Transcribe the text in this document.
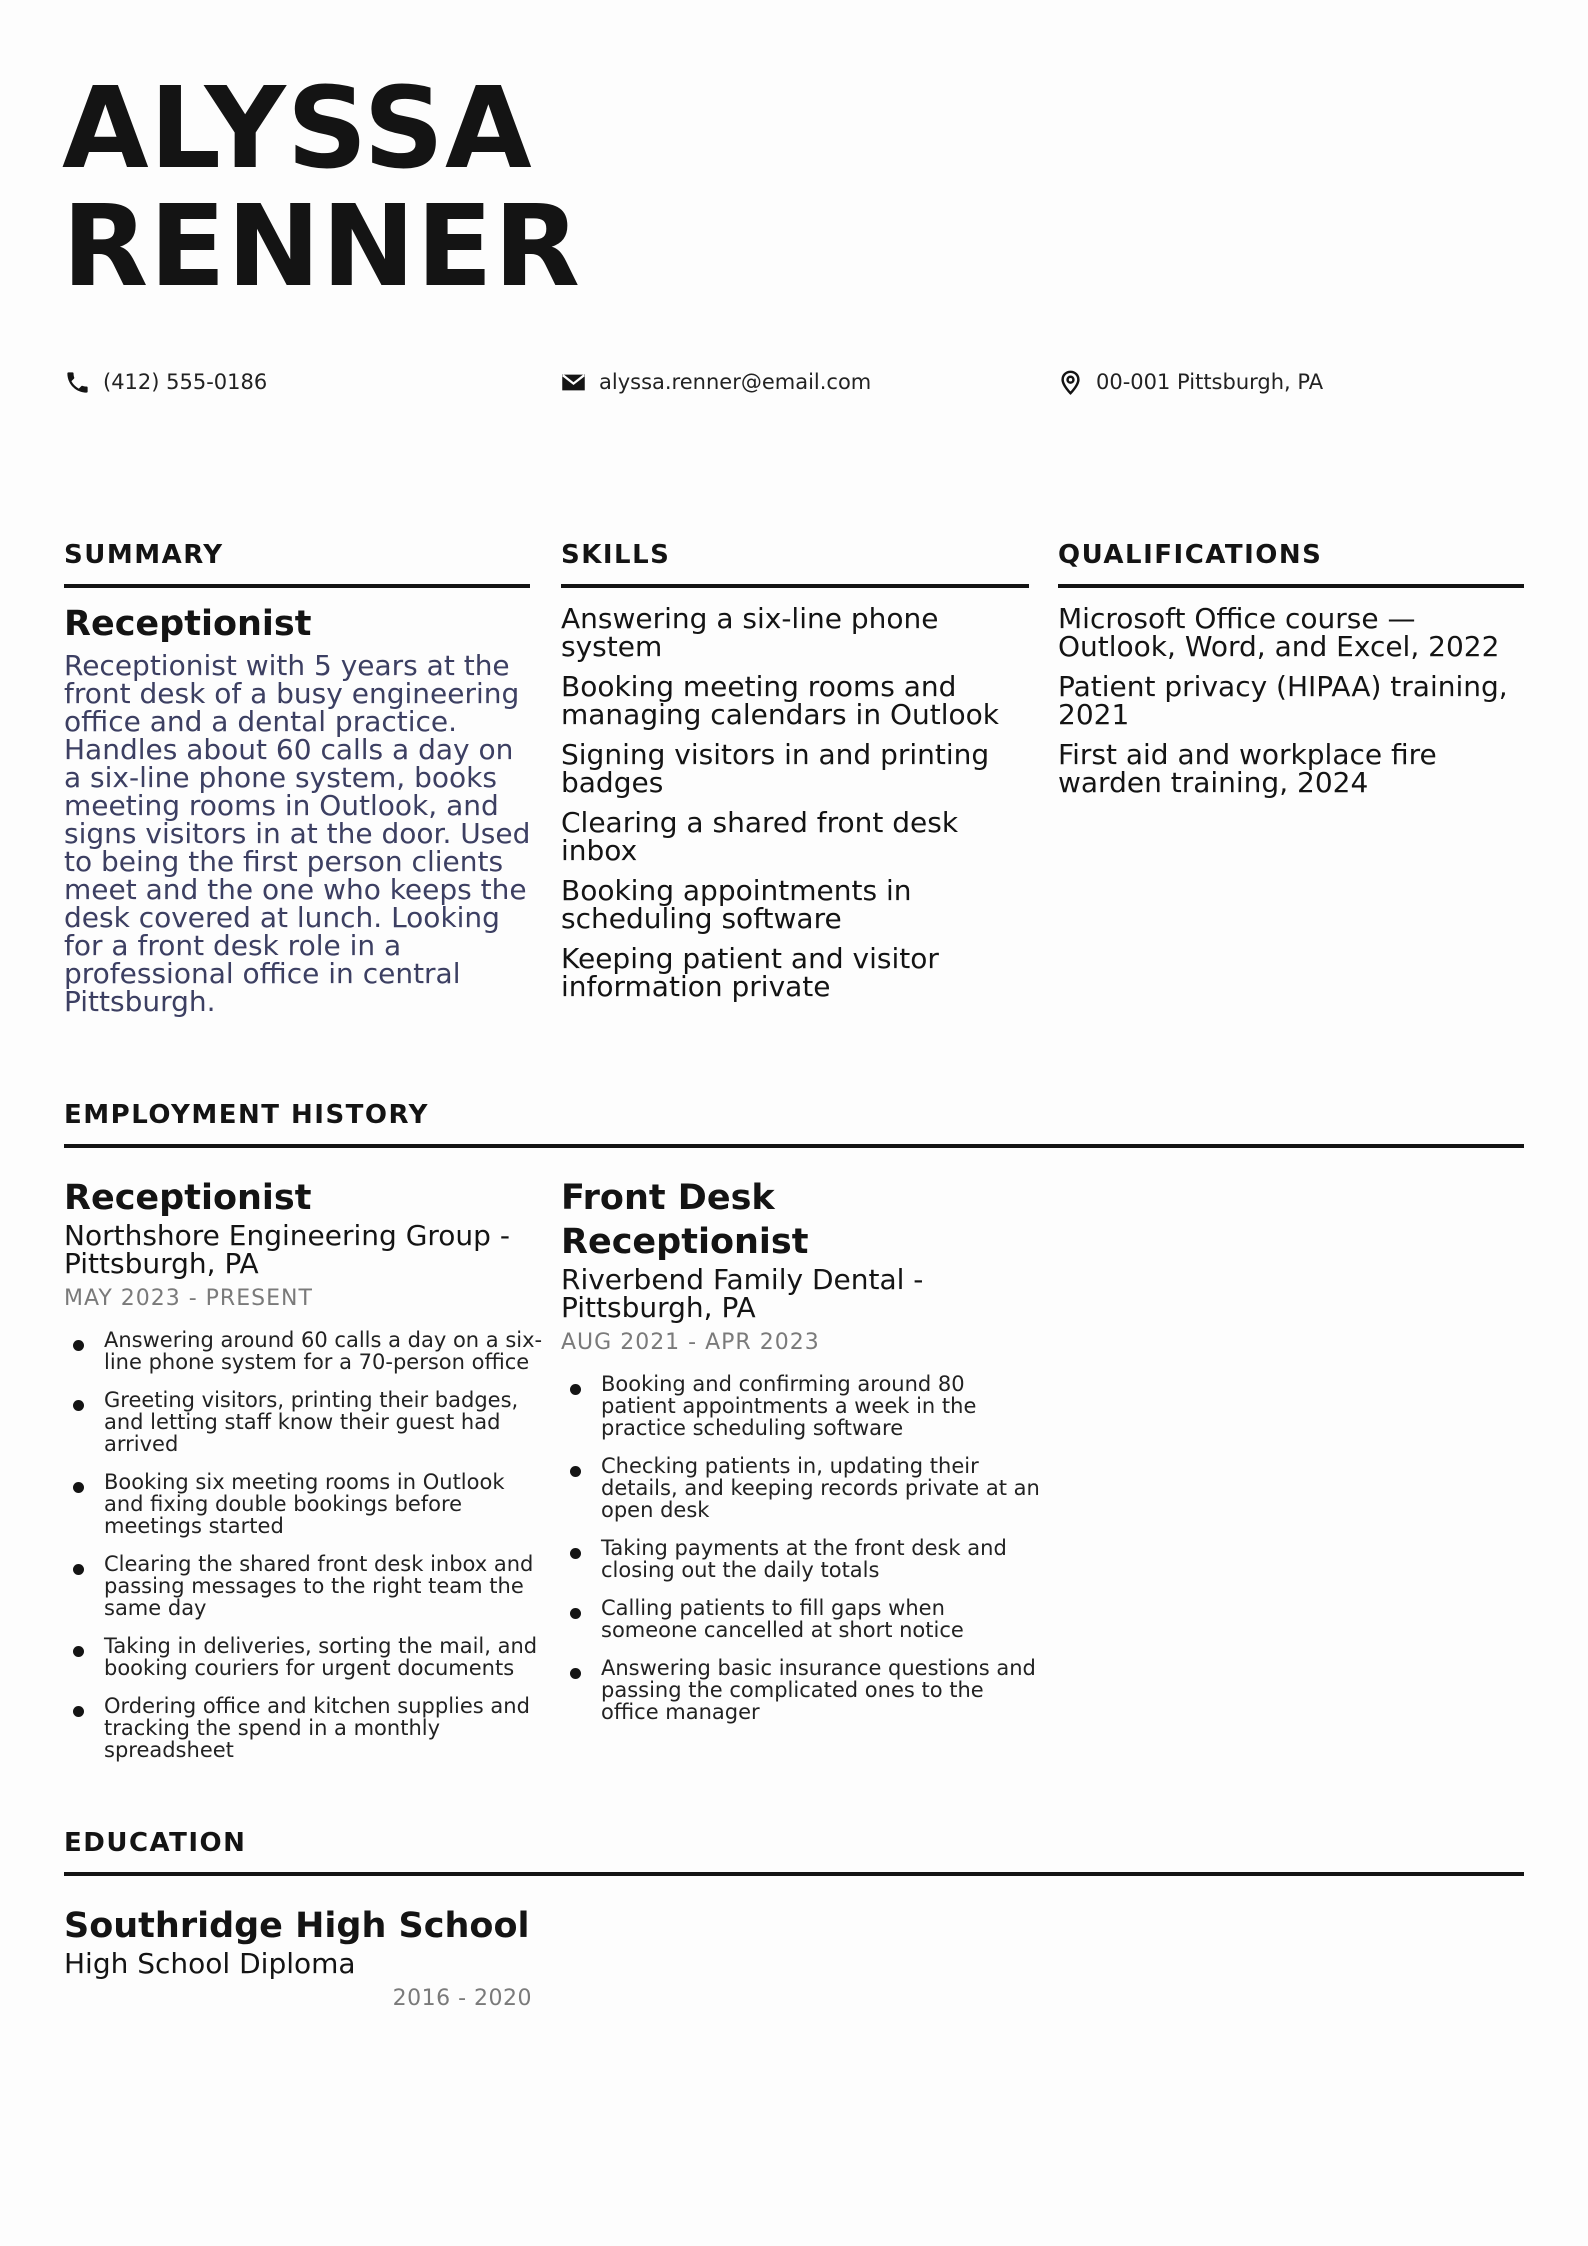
ALYSSA
RENNER
(412) 555-0186	alyssa.renner@email.com	00-001 Pittsburgh, PA
SUMMARY
Receptionist
Receptionist with 5 years at the front desk of a busy engineering office and a dental practice. Handles about 60 calls a day on a six-line phone system, books meeting rooms in Outlook, and signs visitors in at the door. Used to being the first person clients meet and the one who keeps the desk covered at lunch. Looking for a front desk role in a professional office in central Pittsburgh.
SKILLS
Answering a six-line phone system
Booking meeting rooms and managing calendars in Outlook
Signing visitors in and printing badges
Clearing a shared front desk inbox
Booking appointments in scheduling software
Keeping patient and visitor information private
QUALIFICATIONS
Microsoft Office course — Outlook, Word, and Excel, 2022
Patient privacy (HIPAA) training, 2021
First aid and workplace fire warden training, 2024
EMPLOYMENT HISTORY
Receptionist
Northshore Engineering Group - Pittsburgh, PA
MAY 2023 - PRESENT
Answering around 60 calls a day on a six-line phone system for a 70-person office
Greeting visitors, printing their badges, and letting staff know their guest had arrived
Booking six meeting rooms in Outlook and fixing double bookings before meetings started
Clearing the shared front desk inbox and passing messages to the right team the same day
Taking in deliveries, sorting the mail, and booking couriers for urgent documents
Ordering office and kitchen supplies and tracking the spend in a monthly spreadsheet
Front Desk Receptionist
Riverbend Family Dental - Pittsburgh, PA
AUG 2021 - APR 2023
Booking and confirming around 80 patient appointments a week in the practice scheduling software
Checking patients in, updating their details, and keeping records private at an open desk
Taking payments at the front desk and closing out the daily totals
Calling patients to fill gaps when someone cancelled at short notice
Answering basic insurance questions and passing the complicated ones to the office manager
EDUCATION
Southridge High School
High School Diploma
2016 - 2020
